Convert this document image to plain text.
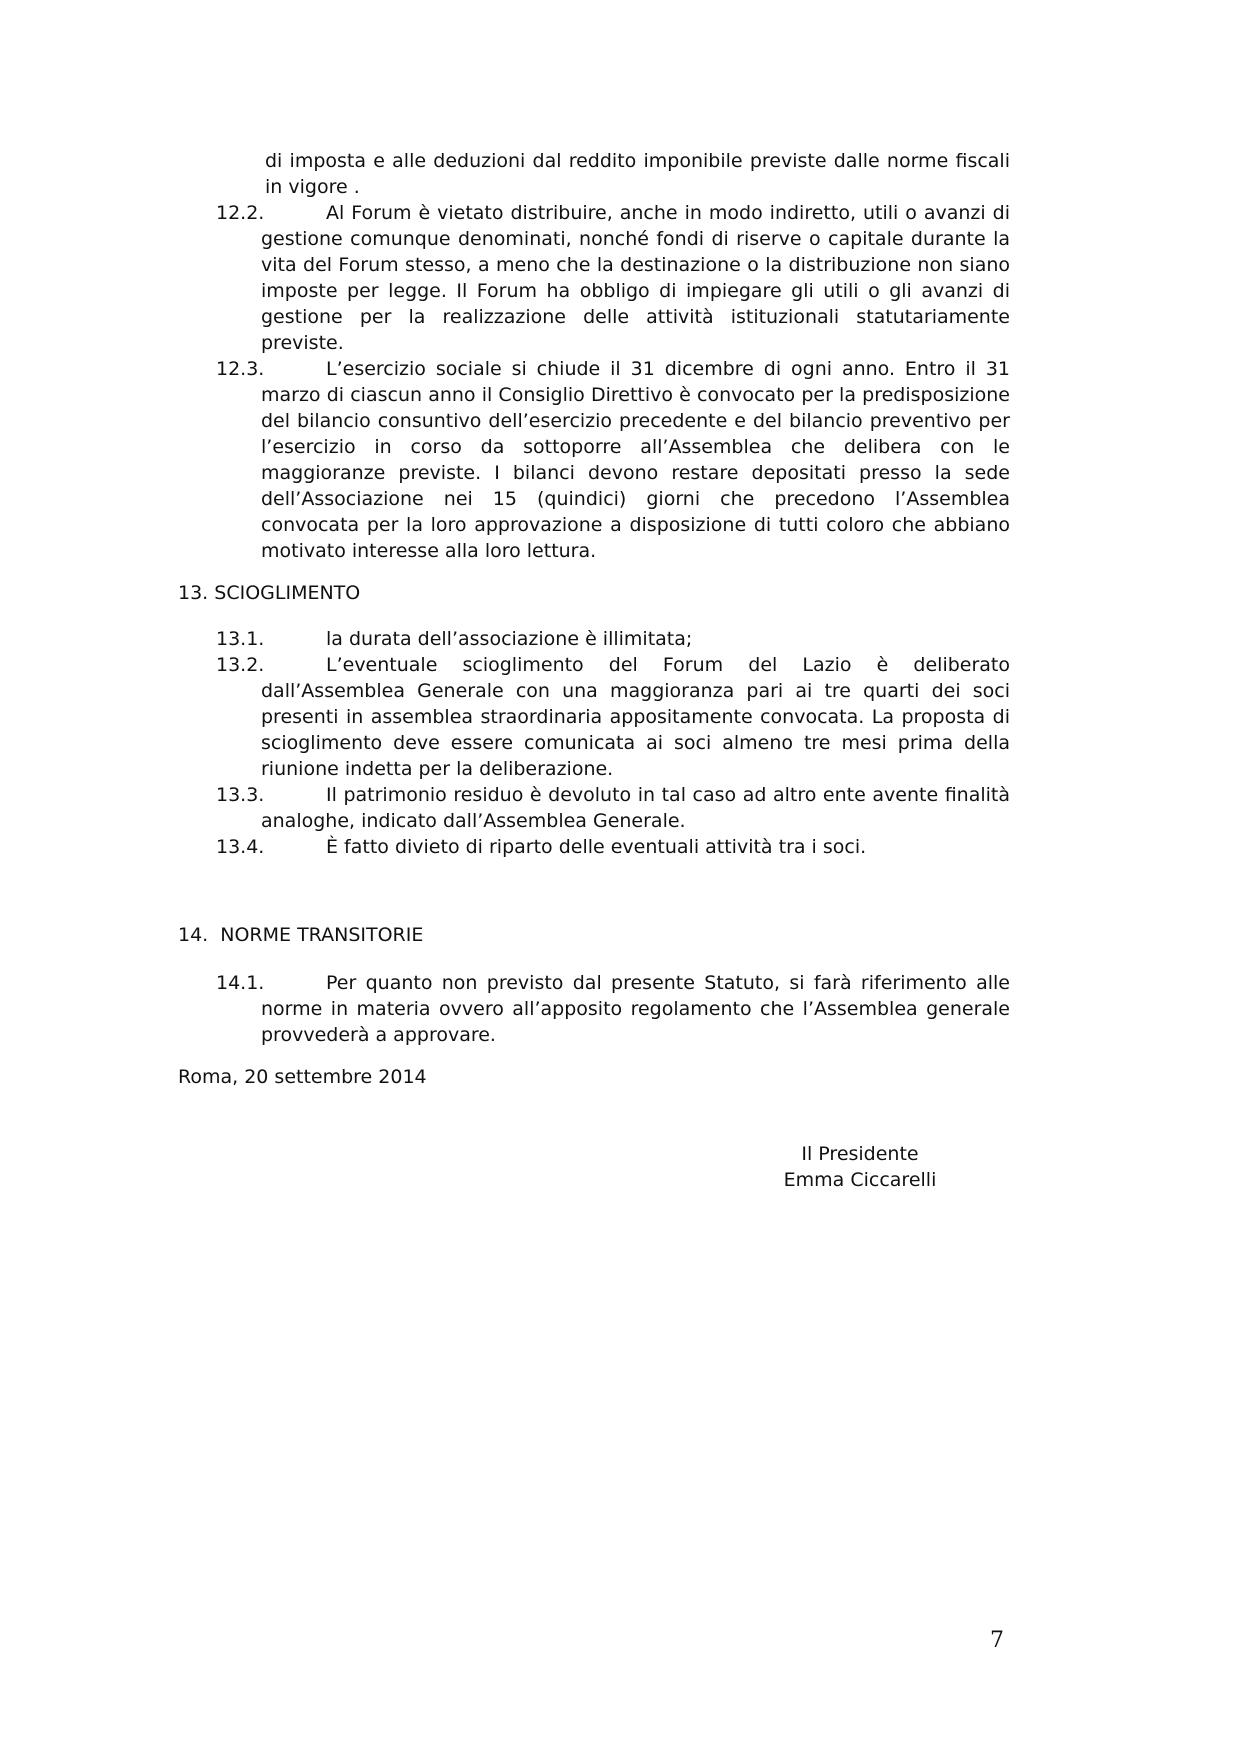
di imposta e alle deduzioni dal reddito imponibile previste dalle norme fiscali in vigore .
12.2.	Al Forum è vietato distribuire, anche in modo indiretto, utili o avanzi di gestione comunque denominati, nonché fondi di riserve o capitale durante la vita del Forum stesso, a meno che la destinazione o la distribuzione non siano imposte per legge. Il Forum ha obbligo di impiegare gli utili o gli avanzi di gestione per la realizzazione delle attività istituzionali statutariamente previste.
12.3.	L’esercizio sociale si chiude il 31 dicembre di ogni anno. Entro il 31 marzo di ciascun anno il Consiglio Direttivo è convocato per la predisposizione del bilancio consuntivo dell’esercizio precedente e del bilancio preventivo per l’esercizio in corso da sottoporre all’Assemblea che delibera con le maggioranze previste. I bilanci devono restare depositati presso la sede dell’Associazione nei 15 (quindici) giorni che precedono l’Assemblea convocata per la loro approvazione a disposizione di tutti coloro che abbiano motivato interesse alla loro lettura.
13. SCIOGLIMENTO
13.1.	la durata dell’associazione è illimitata;
13.2.	L’eventuale scioglimento del Forum del Lazio è deliberato dall’Assemblea Generale con una maggioranza pari ai tre quarti dei soci presenti in assemblea straordinaria appositamente convocata. La proposta di scioglimento deve essere comunicata ai soci almeno tre mesi prima della riunione indetta per la deliberazione.
13.3.	Il patrimonio residuo è devoluto in tal caso ad altro ente avente finalità analoghe, indicato dall’Assemblea Generale.
13.4.	È fatto divieto di riparto delle eventuali attività tra i soci.
14. NORME TRANSITORIE
14.1.	Per quanto non previsto dal presente Statuto, si farà riferimento alle norme in materia ovvero all’apposito regolamento che l’Assemblea generale provvederà a approvare.
Roma, 20 settembre 2014
Il Presidente
Emma Ciccarelli
7
